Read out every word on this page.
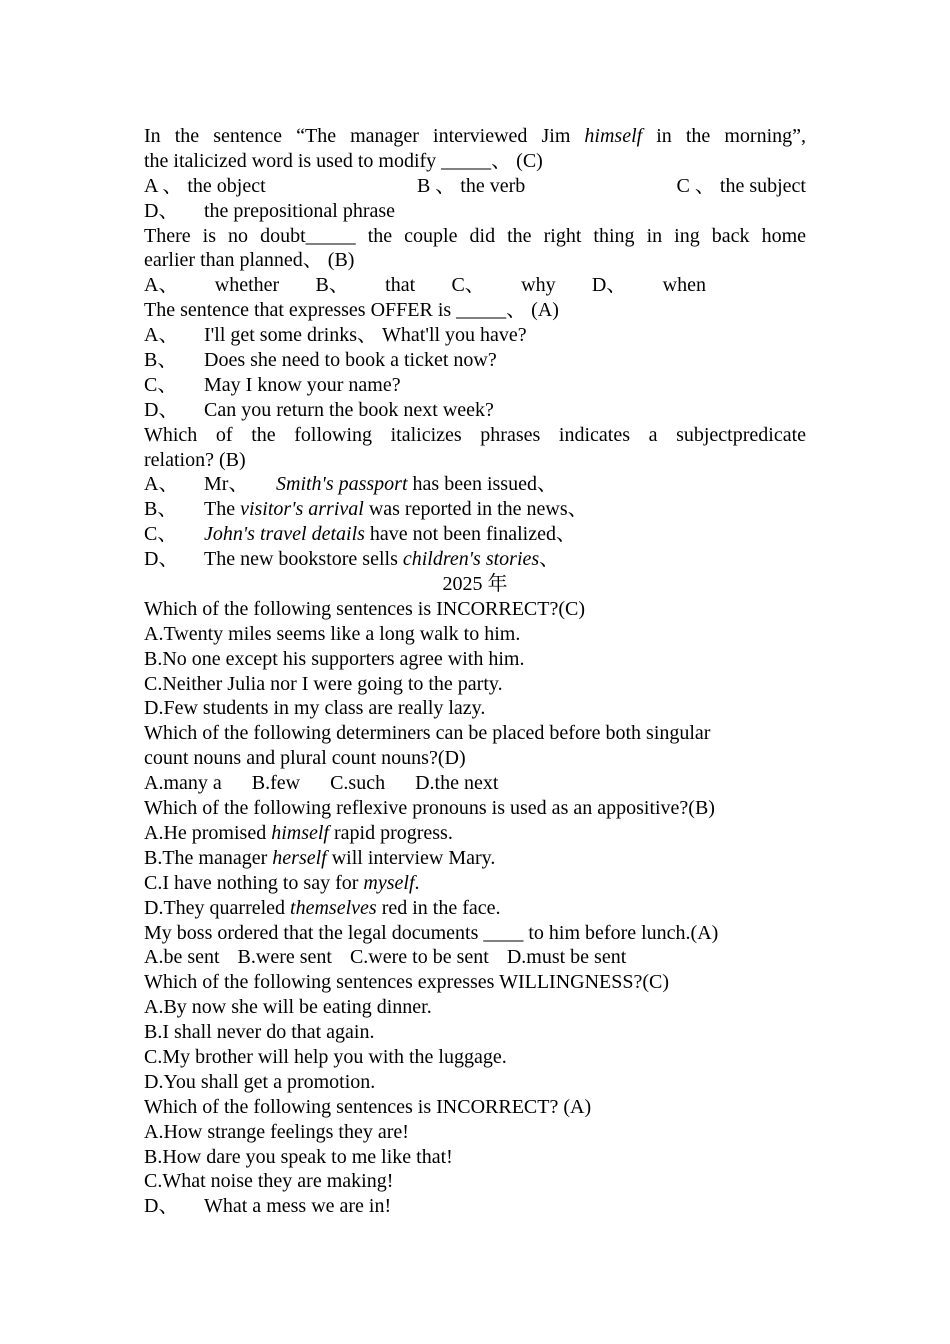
In the sentence “The manager interviewed Jim himself in the morning”,
the italicized word is used to modify _____、 (C)
A 、 the object	B 、 the verb	C 、 the subject
D、 the prepositional phrase
There is no doubt_____ the couple did the right thing in ing back home
earlier than planned、 (B)
A、 whether B、 that C、 why D、 when
The sentence that expresses OFFER is _____、 (A)
A、 I'll get some drinks、 What'll you have?
B、 Does she need to book a ticket now?
C、 May I know your name?
D、 Can you return the book next week?
Which of the following italicizes phrases indicates a subjectpredicate
relation? (B)
A、 Mr、 Smith's passport has been issued、
B、 The visitor's arrival was reported in the news、
C、 John's travel details have not been finalized、
D、 The new bookstore sells children's stories、
2025 年
Which of the following sentences is INCORRECT?(C)
A.Twenty miles seems like a long walk to him.
B.No one except his supporters agree with him.
C.Neither Julia nor I were going to the party.
D.Few students in my class are really lazy.
Which of the following determiners can be placed before both singular
count nouns and plural count nouns?(D)
A.many a B.few C.such D.the next
Which of the following reflexive pronouns is used as an appositive?(B)
A.He promised himself rapid progress.
B.The manager herself will interview Mary.
C.I have nothing to say for myself.
D.They quarreled themselves red in the face.
My boss ordered that the legal documents ____ to him before lunch.(A)
A.be sent B.were sent C.were to be sent D.must be sent
Which of the following sentences expresses WILLINGNESS?(C)
A.By now she will be eating dinner.
B.I shall never do that again.
C.My brother will help you with the luggage.
D.You shall get a promotion.
Which of the following sentences is INCORRECT? (A)
A.How strange feelings they are!
B.How dare you speak to me like that!
C.What noise they are making!
D、 What a mess we are in!
